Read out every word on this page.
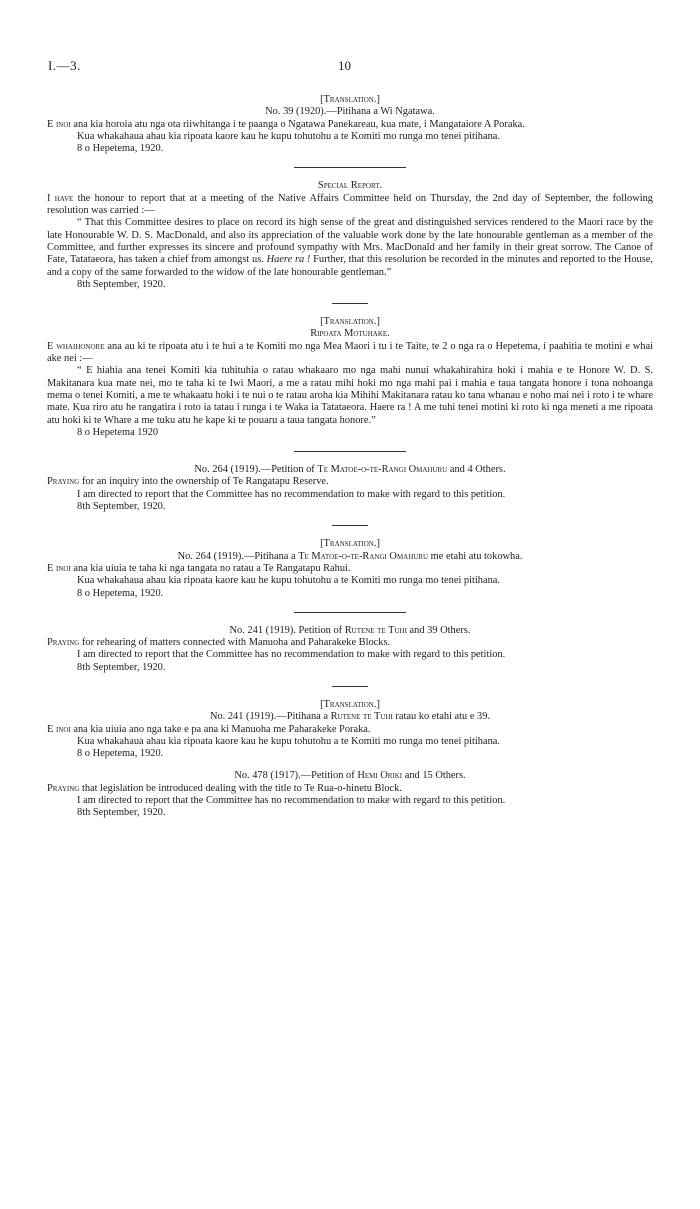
I.—3.	10

[Translation.]

No. 39 (1920).—Pitihana a Wi Ngatawa.

E inoi ana kia horoia atu nga ota riiwhitanga i te paanga o Ngatawa Panekareau, kua mate, i Mangataiore A Poraka.

Kua whakahaua ahau kia ripoata kaore kau he kupu tohutohu a te Komiti mo runga mo tenei pitihana.

8 o Hepetema, 1920.

Special Report.

I have the honour to report that at a meeting of the Native Affairs Committee held on Thursday, the 2nd day of September, the following resolution was carried :—

“ That this Committee desires to place on record its high sense of the great and distinguished services rendered to the Maori race by the late Honourable W. D. S. MacDonald, and also its appreciation of the valuable work done by the late honourable gentleman as a member of the Committee, and further expresses its sincere and profound sympathy with Mrs. MacDonald and her family in their great sorrow. The Canoe of Fate, Tatataeora, has taken a chief from amongst us. Haere ra ! Further, that this resolution be recorded in the minutes and reported to the House, and a copy of the same forwarded to the widow of the late honourable gentleman.”

8th September, 1920.

[Translation.]

Ripoata Motuhake.

E whaihonore ana au ki te ripoata atu i te hui a te Komiti mo nga Mea Maori i tu i te Taite, te 2 o nga ra o Hepetema, i paahitia te motini e whai ake nei :—

“ E hiahia ana tenei Komiti kia tuhituhia o ratau whakaaro mo nga mahi nunui whakahirahira hoki i mahia e te Honore W. D. S. Makitanara kua mate nei, mo te taha ki te Iwi Maori, a me a ratau mihi hoki mo nga mahi pai i mahia e taua tangata honore i tona nohoanga mema o tenei Komiti, a me te whakaatu hoki i te nui o te ratau aroha kia Mihihi Makitanara ratau ko tana whanau e noho mai nei i roto i te whare mate. Kua riro atu he rangatira i roto ia tatau i runga i te Waka ia Tatataeora. Haere ra ! A me tuhi tenei motini ki roto ki nga meneti a me ripoata atu hoki ki te Whare a me tuku atu he kape ki te pouaru a taua tangata honore.”

8 o Hepetema 1920

No. 264 (1919).—Petition of Te Matoe-o-te-Rangi Omahuru and 4 Others.

Praying for an inquiry into the ownership of Te Rangatapu Reserve.

I am directed to report that the Committee has no recommendation to make with regard to this petition.

8th September, 1920.

[Translation.]

No. 264 (1919).—Pitihana a Te Matoe-o-te-Rangi Omahuru me etahi atu tokowha.

E inoi ana kia uiuia te taha ki nga tangata no ratau a Te Rangatapu Rahui.

Kua whakahaua ahau kia ripoata kaore kau he kupu tohutohu a te Komiti mo runga mo tenei pitihana.

8 o Hepetema, 1920.

No. 241 (1919). Petition of Rutene te Tuhi and 39 Others.

Praying for rehearing of matters connected with Manuoha and Paharakeke Blocks.

I am directed to report that the Committee has no recommendation to make with regard to this petition.

8th September, 1920.

[Translation.]

No. 241 (1919).—Pitihana a Rutene te Tuhi ratau ko etahi atu e 39.

E inoi ana kia uiuia ano nga take e pa ana ki Manuoha me Paharakeke Poraka.

Kua whakahaua ahau kia ripoata kaore kau he kupu tohutohu a te Komiti mo runga mo tenei pitihana.

8 o Hepetema, 1920.

No. 478 (1917).—Petition of Hemi Oriki and 15 Others.

Praying that legislation be introduced dealing with the title to Te Rua-o-hinetu Block.

I am directed to report that the Committee has no recommendation to make with regard to this petition.

8th September, 1920.
